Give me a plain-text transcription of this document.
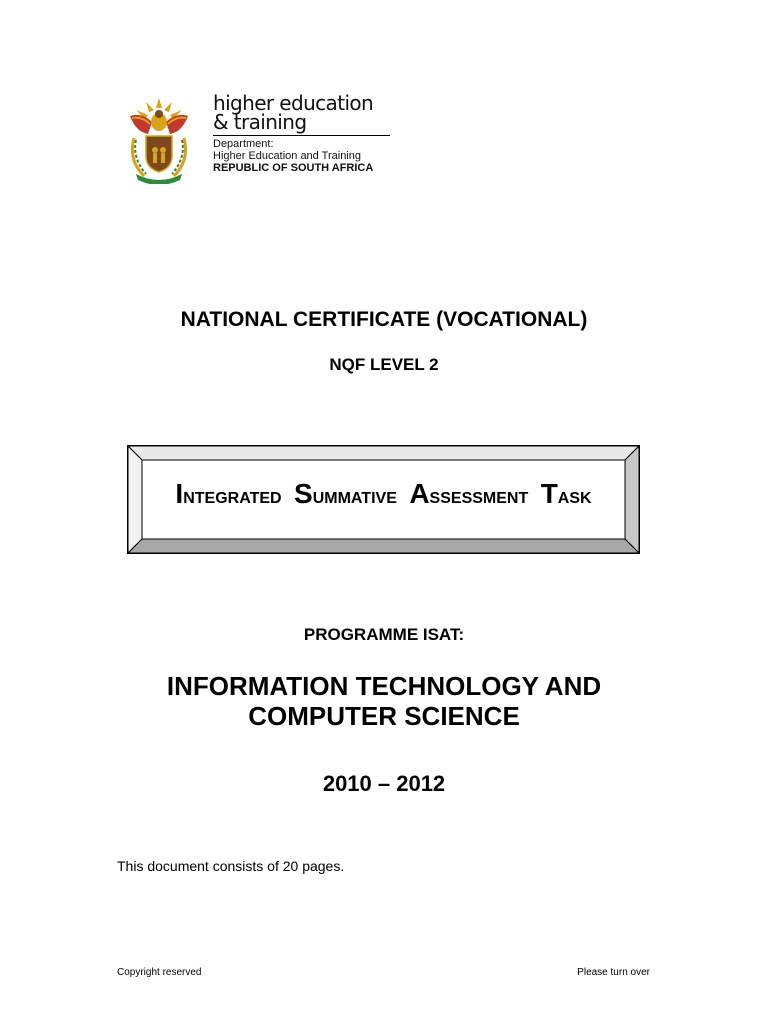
higher education
& training
Department:
Higher Education and Training
REPUBLIC OF SOUTH AFRICA
NATIONAL CERTIFICATE (VOCATIONAL)
NQF LEVEL 2
INTEGRATED SUMMATIVE ASSESSMENT TASK
PROGRAMME ISAT:
INFORMATION TECHNOLOGY AND
COMPUTER SCIENCE
2010 – 2012
This document consists of 20 pages.
Copyright reserved	Please turn over
